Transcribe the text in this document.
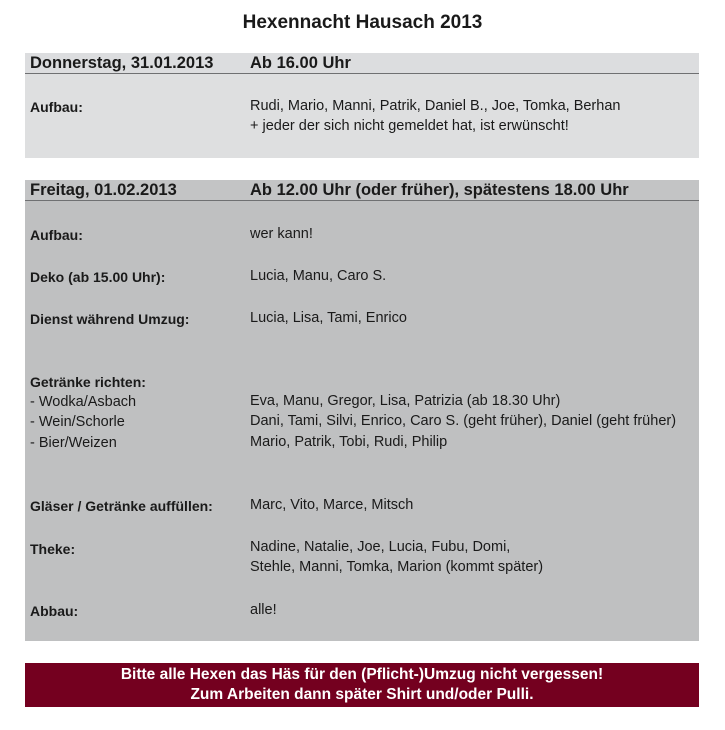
Hexennacht Hausach 2013
Donnerstag, 31.01.2013 Ab 16.00 Uhr
Aufbau:	Rudi, Mario, Manni, Patrik, Daniel B., Joe, Tomka, Berhan
+ jeder der sich nicht gemeldet hat, ist erwünscht!
Freitag, 01.02.2013	Ab 12.00 Uhr (oder früher), spätestens 18.00 Uhr
Aufbau:	wer kann!
Deko (ab 15.00 Uhr):	Lucia, Manu, Caro S.
Dienst während Umzug:	Lucia, Lisa, Tami, Enrico
Getränke richten:
- Wodka/Asbach	Eva, Manu, Gregor, Lisa, Patrizia (ab 18.30 Uhr)
- Wein/Schorle	Dani, Tami, Silvi, Enrico, Caro S. (geht früher), Daniel (geht früher)
- Bier/Weizen	Mario, Patrik, Tobi, Rudi, Philip
Gläser / Getränke auffüllen:	Marc, Vito, Marce, Mitsch
Theke:	Nadine, Natalie, Joe, Lucia, Fubu, Domi,
Stehle, Manni, Tomka, Marion (kommt später)
Abbau:	alle!
Bitte alle Hexen das Häs für den (Pflicht-)Umzug nicht vergessen!
Zum Arbeiten dann später Shirt und/oder Pulli.
